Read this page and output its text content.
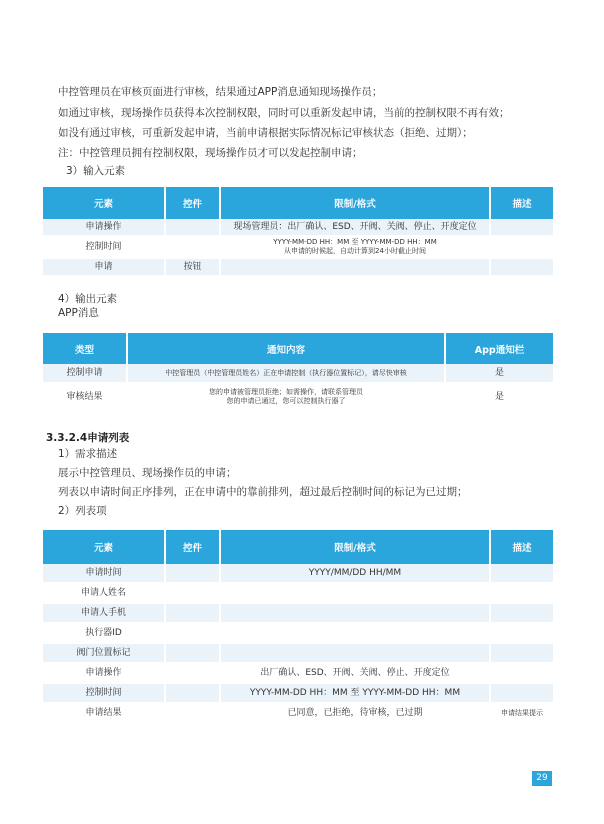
中控管理员在审核页面进行审核，结果通过APP消息通知现场操作员；
如通过审核，现场操作员获得本次控制权限，同时可以重新发起申请，当前的控制权限不再有效；
如没有通过审核，可重新发起申请，当前申请根据实际情况标记审核状态（拒绝、过期）；
注：中控管理员拥有控制权限，现场操作员才可以发起控制申请；
3）输入元素
元素	控件	限制/格式	描述
申请操作		现场管理员：出厂确认、ESD、开阀、关阀、停止、开度定位	
控制时间		YYYY-MM-DD HH：MM 至 YYYY-MM-DD HH：MM
从申请的时候起，自动计算到24小时截止时间	

申请	按钮		
4）输出元素
APP消息
类型	通知内容	App通知栏
控制申请	中控管理员（中控管理员姓名）正在申请控制（执行器位置标记），请尽快审核	是
审核结果	您的申请被管理员拒绝；如需操作，请联系管理员
您的申请已通过，您可以控制执行器了	是
3.3.2.4申请列表
1）需求描述
展示中控管理员、现场操作员的申请；
列表以申请时间正序排列，正在申请中的靠前排列，超过最后控制时间的标记为已过期；
2）列表项
元素	控件	限制/格式	描述
申请时间		YYYY/MM/DD HH/MM	
申请人姓名			
申请人手机			
执行器ID			
阀门位置标记			
申请操作		出厂确认、ESD、开阀、关阀、停止、开度定位	
控制时间		YYYY-MM-DD HH：MM 至 YYYY-MM-DD HH：MM	
申请结果		已同意，已拒绝，待审核，已过期	申请结果提示
29
